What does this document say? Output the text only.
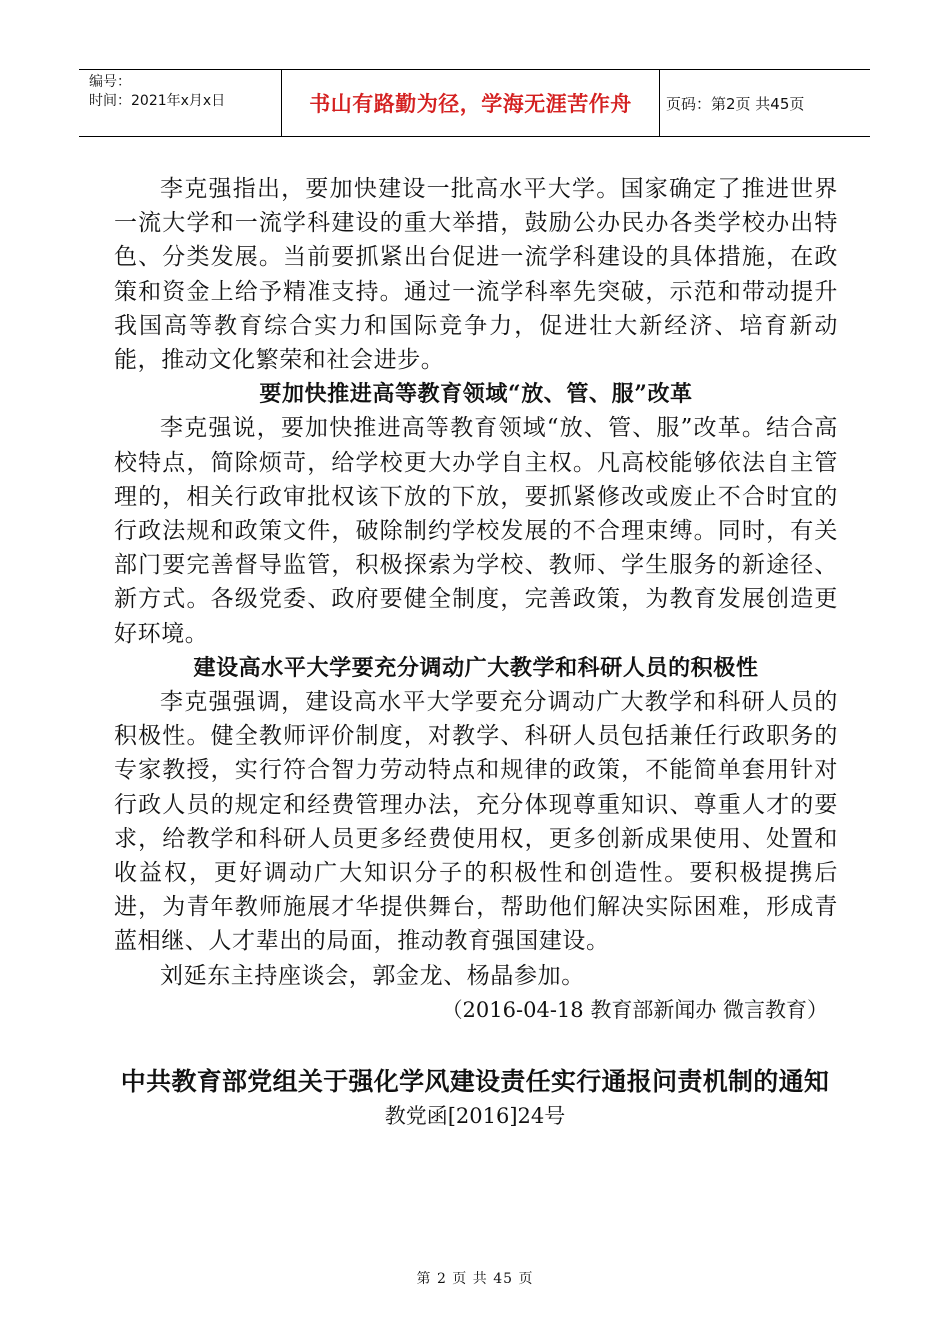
编号：
时间：2021年x月x日	书山有路勤为径，学海无涯苦作舟	页码：第2页 共45页

李克强指出，要加快建设一批高水平大学。国家确定了推进世界一流大学和一流学科建设的重大举措，鼓励公办民办各类学校办出特色、分类发展。当前要抓紧出台促进一流学科建设的具体措施，在政策和资金上给予精准支持。通过一流学科率先突破，示范和带动提升我国高等教育综合实力和国际竞争力，促进壮大新经济、培育新动能，推动文化繁荣和社会进步。

要加快推进高等教育领域“放、管、服”改革

李克强说，要加快推进高等教育领域“放、管、服”改革。结合高校特点，简除烦苛，给学校更大办学自主权。凡高校能够依法自主管理的，相关行政审批权该下放的下放，要抓紧修改或废止不合时宜的行政法规和政策文件，破除制约学校发展的不合理束缚。同时，有关部门要完善督导监管，积极探索为学校、教师、学生服务的新途径、新方式。各级党委、政府要健全制度，完善政策，为教育发展创造更好环境。

建设高水平大学要充分调动广大教学和科研人员的积极性

李克强强调，建设高水平大学要充分调动广大教学和科研人员的积极性。健全教师评价制度，对教学、科研人员包括兼任行政职务的专家教授，实行符合智力劳动特点和规律的政策，不能简单套用针对行政人员的规定和经费管理办法，充分体现尊重知识、尊重人才的要求，给教学和科研人员更多经费使用权，更多创新成果使用、处置和收益权，更好调动广大知识分子的积极性和创造性。要积极提携后进，为青年教师施展才华提供舞台，帮助他们解决实际困难，形成青蓝相继、人才辈出的局面，推动教育强国建设。

刘延东主持座谈会，郭金龙、杨晶参加。

（2016-04-18 教育部新闻办 微言教育）

中共教育部党组关于强化学风建设责任实行通报问责机制的通知
教党函[2016]24号
第 2 页 共 45 页
